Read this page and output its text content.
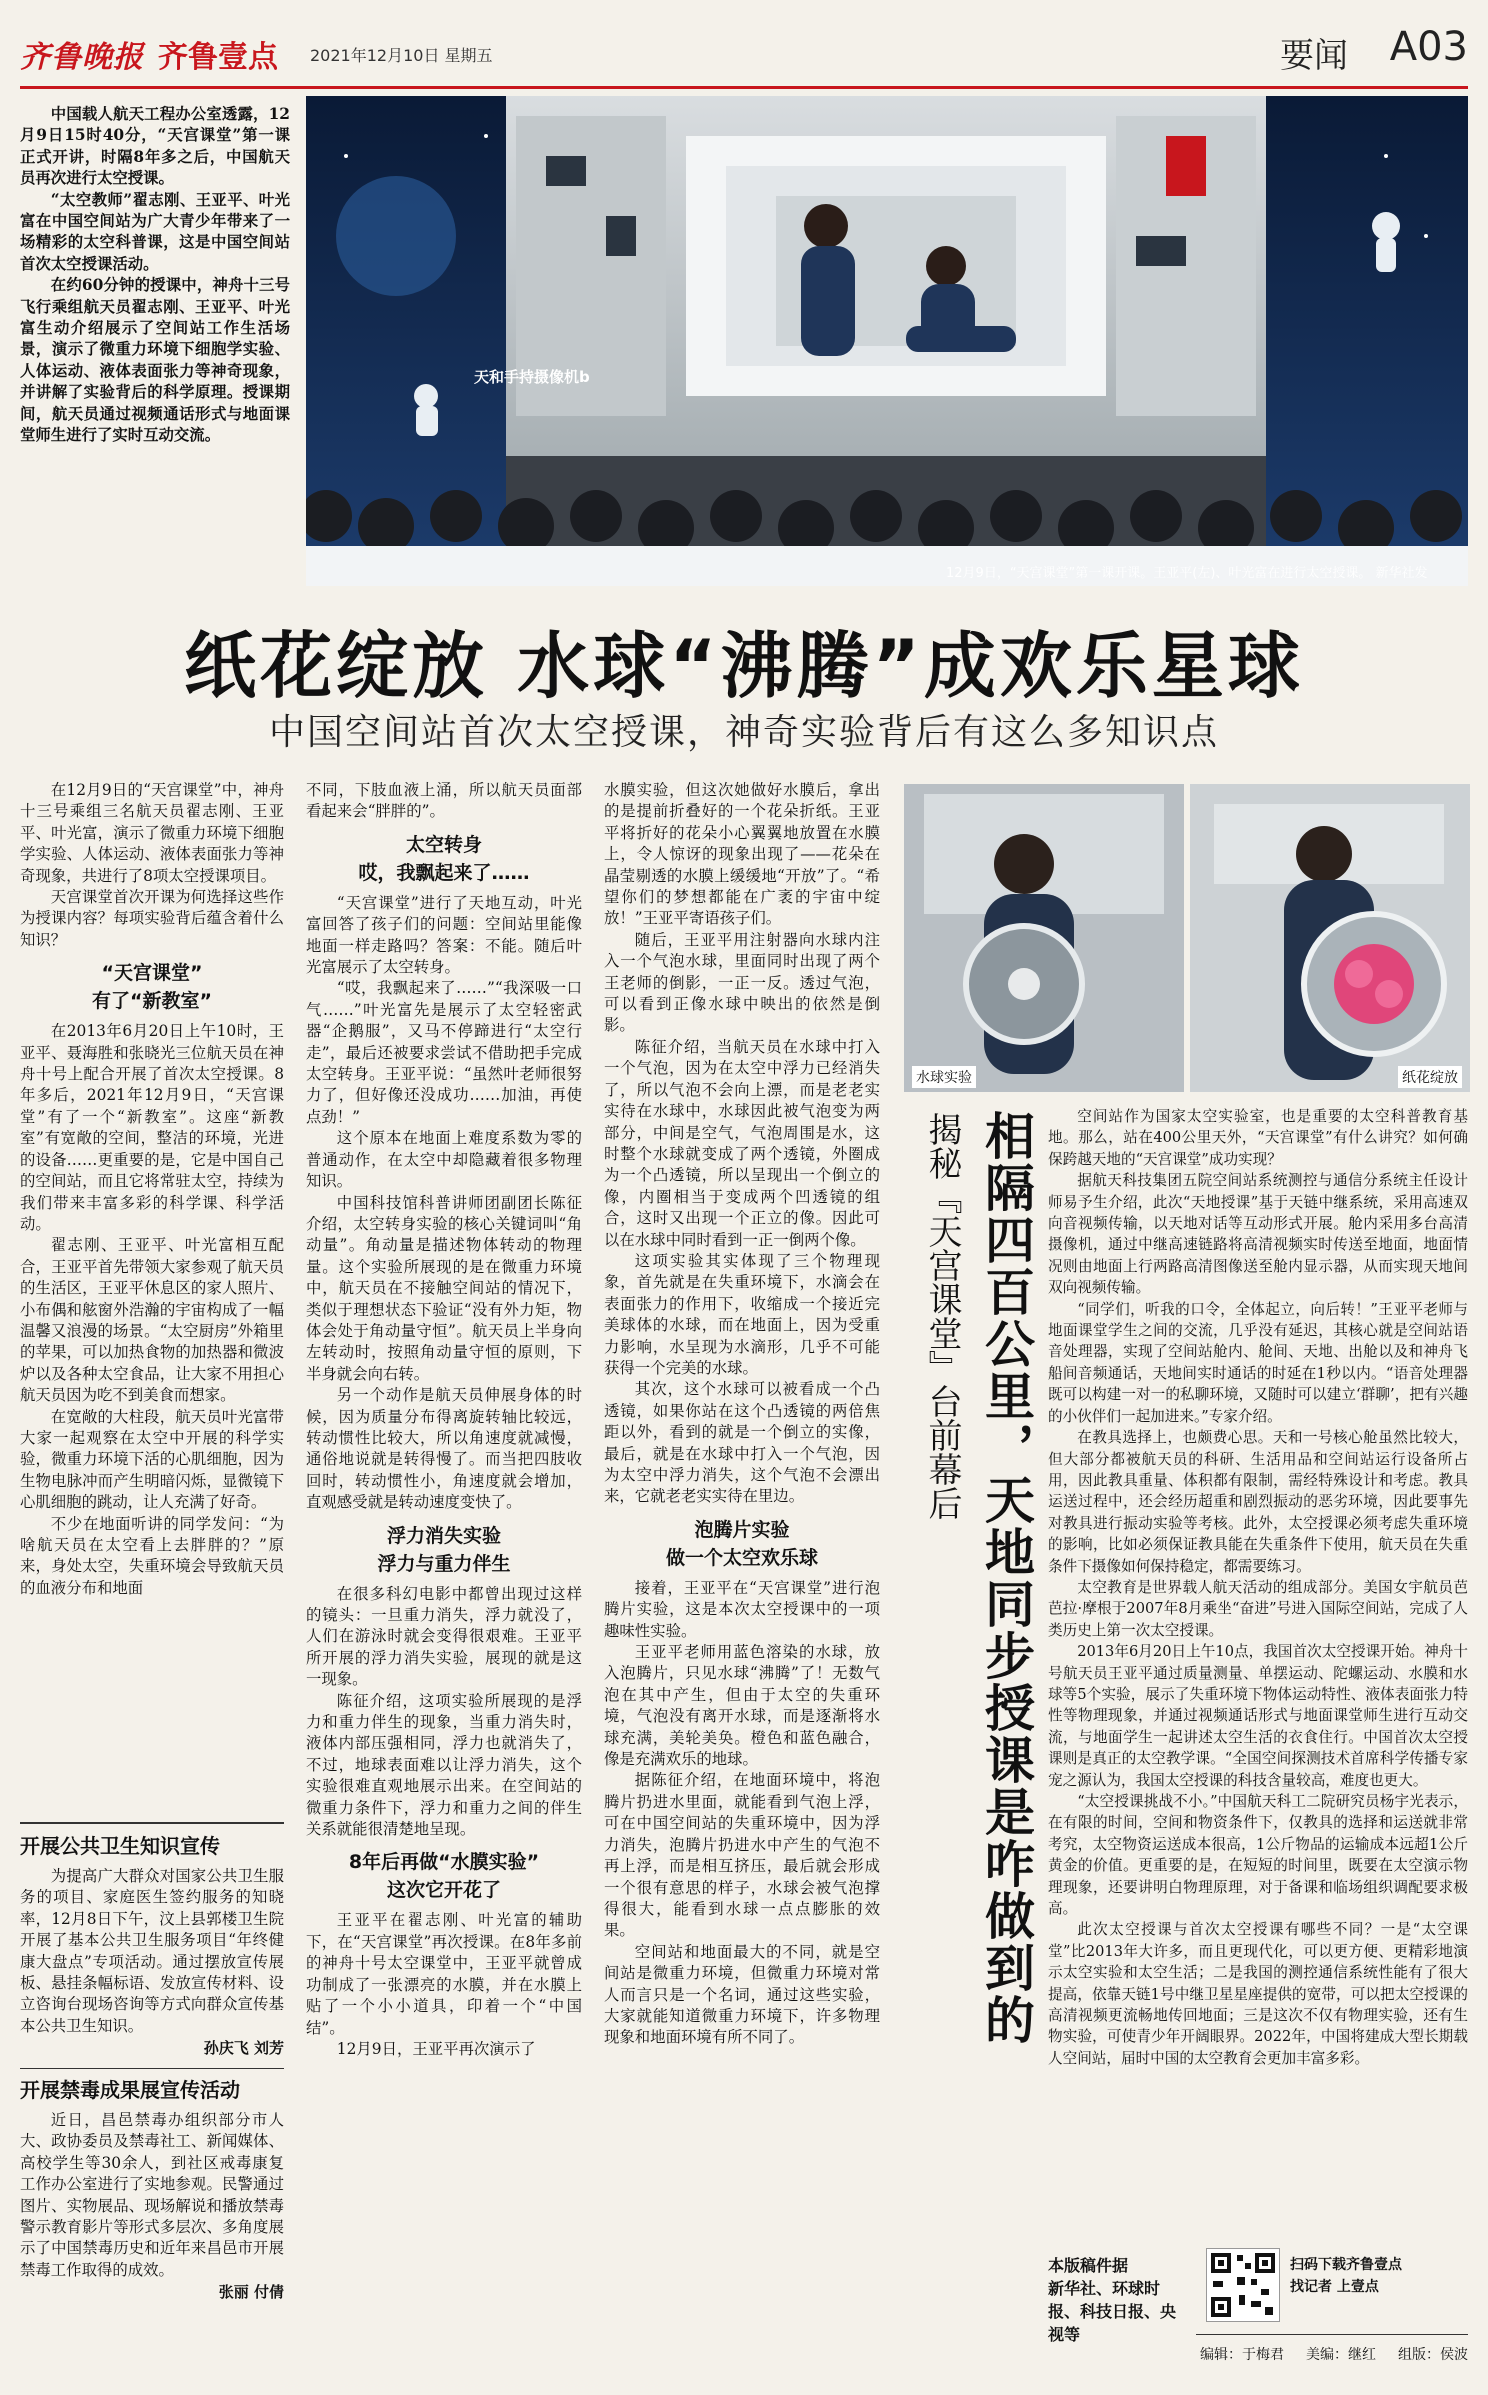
齐鲁晚报 齐鲁壹点 2021年12月10日 星期五	要闻 A03

中国载人航天工程办公室透露，12月9日15时40分，“天宫课堂”第一课正式开讲，时隔8年多之后，中国航天员再次进行太空授课。

“太空教师”翟志刚、王亚平、叶光富在中国空间站为广大青少年带来了一场精彩的太空科普课，这是中国空间站首次太空授课活动。

在约60分钟的授课中，神舟十三号飞行乘组航天员翟志刚、王亚平、叶光富生动介绍展示了空间站工作生活场景，演示了微重力环境下细胞学实验、人体运动、液体表面张力等神奇现象，并讲解了实验背后的科学原理。授课期间，航天员通过视频通话形式与地面课堂师生进行了实时互动交流。

天和手持摄像机b
12月9日，“天宫课堂”第一课开课。王亚平(左)、叶光富在进行太空授课。 新华社发
纸花绽放 水球“沸腾”成欢乐星球
中国空间站首次太空授课，神奇实验背后有这么多知识点

在12月9日的“天宫课堂”中，神舟十三号乘组三名航天员翟志刚、王亚平、叶光富，演示了微重力环境下细胞学实验、人体运动、液体表面张力等神奇现象，共进行了8项太空授课项目。

天宫课堂首次开课为何选择这些作为授课内容？每项实验背后蕴含着什么知识？

“天宫课堂”
有了“新教室”

在2013年6月20日上午10时，王亚平、聂海胜和张晓光三位航天员在神舟十号上配合开展了首次太空授课。8年多后，2021年12月9日，“天宫课堂”有了一个“新教室”。这座“新教室”有宽敞的空间，整洁的环境，光进的设备……更重要的是，它是中国自己的空间站，而且它将常驻太空，持续为我们带来丰富多彩的科学课、科学活动。

翟志刚、王亚平、叶光富相互配合，王亚平首先带领大家参观了航天员的生活区，王亚平休息区的家人照片、小布偶和舷窗外浩瀚的宇宙构成了一幅温馨又浪漫的场景。“太空厨房”外箱里的苹果，可以加热食物的加热器和微波炉以及各种太空食品，让大家不用担心航天员因为吃不到美食而想家。

在宽敞的大柱段，航天员叶光富带大家一起观察在太空中开展的科学实验，微重力环境下活的心肌细胞，因为生物电脉冲而产生明暗闪烁，显微镜下心肌细胞的跳动，让人充满了好奇。

不少在地面听讲的同学发问：“为啥航天员在太空看上去胖胖的？”原来，身处太空，失重环境会导致航天员的血液分布和地面

开展公共卫生知识宣传

为提高广大群众对国家公共卫生服务的项目、家庭医生签约服务的知晓率，12月8日下午，汶上县郭楼卫生院开展了基本公共卫生服务项目“年终健康大盘点”专项活动。通过摆放宣传展板、悬挂条幅标语、发放宣传材料、设立咨询台现场咨询等方式向群众宣传基本公共卫生知识。

孙庆飞 刘芳
开展禁毒成果展宣传活动

近日，昌邑禁毒办组织部分市人大、政协委员及禁毒社工、新闻媒体、高校学生等30余人，到社区戒毒康复工作办公室进行了实地参观。民警通过图片、实物展品、现场解说和播放禁毒警示教育影片等形式多层次、多角度展示了中国禁毒历史和近年来昌邑市开展禁毒工作取得的成效。

张丽 付倩
不同，下肢血液上涌，所以航天员面部看起来会“胖胖的”。
太空转身
哎，我飘起来了……

“天宫课堂”进行了天地互动，叶光富回答了孩子们的问题：空间站里能像地面一样走路吗？答案：不能。随后叶光富展示了太空转身。

“哎，我飘起来了……”“我深吸一口气……”叶光富先是展示了太空轻密武器“企鹅服”，又马不停蹄进行“太空行走”，最后还被要求尝试不借助把手完成太空转身。王亚平说：“虽然叶老师很努力了，但好像还没成功……加油，再使点劲！”

这个原本在地面上难度系数为零的普通动作，在太空中却隐藏着很多物理知识。

中国科技馆科普讲师团副团长陈征介绍，太空转身实验的核心关键词叫“角动量”。角动量是描述物体转动的物理量。这个实验所展现的是在微重力环境中，航天员在不接触空间站的情况下，类似于理想状态下验证“没有外力矩，物体会处于角动量守恒”。航天员上半身向左转动时，按照角动量守恒的原则，下半身就会向右转。

另一个动作是航天员伸展身体的时候，因为质量分布得离旋转轴比较远，转动惯性比较大，所以角速度就减慢，通俗地说就是转得慢了。而当把四肢收回时，转动惯性小，角速度就会增加，直观感受就是转动速度变快了。

浮力消失实验
浮力与重力伴生

在很多科幻电影中都曾出现过这样的镜头：一旦重力消失，浮力就没了，人们在游泳时就会变得很艰难。王亚平所开展的浮力消失实验，展现的就是这一现象。

陈征介绍，这项实验所展现的是浮力和重力伴生的现象，当重力消失时，液体内部压强相同，浮力也就消失了，不过，地球表面难以让浮力消失，这个实验很难直观地展示出来。在空间站的微重力条件下，浮力和重力之间的伴生关系就能很清楚地呈现。

8年后再做“水膜实验”
这次它开花了

王亚平在翟志刚、叶光富的辅助下，在“天宫课堂”再次授课。在8年多前的神舟十号太空课堂中，王亚平就曾成功制成了一张漂亮的水膜，并在水膜上贴了一个小小道具，印着一个“中国结”。

12月9日，王亚平再次演示了

水膜实验，但这次她做好水膜后，拿出的是提前折叠好的一个花朵折纸。王亚平将折好的花朵小心翼翼地放置在水膜上，令人惊讶的现象出现了——花朵在晶莹剔透的水膜上缓缓地“开放”了。“希望你们的梦想都能在广袤的宇宙中绽放！”王亚平寄语孩子们。

随后，王亚平用注射器向水球内注入一个气泡水球，里面同时出现了两个王老师的倒影，一正一反。透过气泡，可以看到正像水球中映出的依然是倒影。

陈征介绍，当航天员在水球中打入一个气泡，因为在太空中浮力已经消失了，所以气泡不会向上漂，而是老老实实待在水球中，水球因此被气泡变为两部分，中间是空气，气泡周围是水，这时整个水球就变成了两个透镜，外圈成为一个凸透镜，所以呈现出一个倒立的像，内圈相当于变成两个凹透镜的组合，这时又出现一个正立的像。因此可以在水球中同时看到一正一倒两个像。

这项实验其实体现了三个物理现象，首先就是在失重环境下，水滴会在表面张力的作用下，收缩成一个接近完美球体的水球，而在地面上，因为受重力影响，水呈现为水滴形，几乎不可能获得一个完美的水球。

其次，这个水球可以被看成一个凸透镜，如果你站在这个凸透镜的两倍焦距以外，看到的就是一个倒立的实像，最后，就是在水球中打入一个气泡，因为太空中浮力消失，这个气泡不会漂出来，它就老老实实待在里边。

泡腾片实验
做一个太空欢乐球

接着，王亚平在“天宫课堂”进行泡腾片实验，这是本次太空授课中的一项趣味性实验。

王亚平老师用蓝色溶染的水球，放入泡腾片，只见水球“沸腾”了！无数气泡在其中产生，但由于太空的失重环境，气泡没有离开水球，而是逐渐将水球充满，美轮美奂。橙色和蓝色融合，像是充满欢乐的地球。

据陈征介绍，在地面环境中，将泡腾片扔进水里面，就能看到气泡上浮，可在中国空间站的失重环境中，因为浮力消失，泡腾片扔进水中产生的气泡不再上浮，而是相互挤压，最后就会形成一个很有意思的样子，水球会被气泡撑得很大，能看到水球一点点膨胀的效果。

空间站和地面最大的不同，就是空间站是微重力环境，但微重力环境对常人而言只是一个名词，通过这些实验，大家就能知道微重力环境下，许多物理现象和地面环境有所不同了。

水球实验	纸花绽放
相隔四百公里，天地同步授课是咋做到的
揭秘『天宫课堂』台前幕后	空间站作为国家太空实验室，也是重要的太空科普教育基地。那么，站在400公里天外，“天宫课堂”有什么讲究？如何确保跨越天地的“天宫课堂”成功实现？

据航天科技集团五院空间站系统测控与通信分系统主任设计师易予生介绍，此次“天地授课”基于天链中继系统，采用高速双向音视频传输，以天地对话等互动形式开展。舱内采用多台高清摄像机，通过中继高速链路将高清视频实时传送至地面，地面情况则由地面上行两路高清图像送至舱内显示器，从而实现天地间双向视频传输。

“同学们，听我的口令，全体起立，向后转！”王亚平老师与地面课堂学生之间的交流，几乎没有延迟，其核心就是空间站语音处理器，实现了空间站舱内、舱间、天地、出舱以及和神舟飞船间音频通话，天地间实时通话的时延在1秒以内。“语音处理器既可以构建一对一的私聊环境，又随时可以建立‘群聊’，把有兴趣的小伙伴们一起加进来。”专家介绍。

在教具选择上，也颇费心思。天和一号核心舱虽然比较大，但大部分都被航天员的科研、生活用品和空间站运行设备所占用，因此教具重量、体积都有限制，需经特殊设计和考虑。教具运送过程中，还会经历超重和剧烈振动的恶劣环境，因此要事先对教具进行振动实验等考核。此外，太空授课必须考虑失重环境的影响，比如必须保证教具能在失重条件下使用，航天员在失重条件下摄像如何保持稳定，都需要练习。

太空教育是世界载人航天活动的组成部分。美国女宇航员芭芭拉·摩根于2007年8月乘坐“奋进”号进入国际空间站，完成了人类历史上第一次太空授课。

2013年6月20日上午10点，我国首次太空授课开始。神舟十号航天员王亚平通过质量测量、单摆运动、陀螺运动、水膜和水球等5个实验，展示了失重环境下物体运动特性、液体表面张力特性等物理现象，并通过视频通话形式与地面课堂师生进行互动交流，与地面学生一起讲述太空生活的衣食住行。中国首次太空授课则是真正的太空教学课。“全国空间探测技术首席科学传播专家宠之源认为，我国太空授课的科技含量较高，难度也更大。

“太空授课挑战不小。”中国航天科工二院研究员杨宇光表示，在有限的时间，空间和物资条件下，仅教具的选择和运送就非常考究，太空物资运送成本很高，1公斤物品的运输成本远超1公斤黄金的价值。更重要的是，在短短的时间里，既要在太空演示物理现象，还要讲明白物理原理，对于备课和临场组织调配要求极高。

此次太空授课与首次太空授课有哪些不同？一是“太空课堂”比2013年大许多，而且更现代化，可以更方便、更精彩地演示太空实验和太空生活；二是我国的测控通信系统性能有了很大提高，依靠天链1号中继卫星星座提供的宽带，可以把太空授课的高清视频更流畅地传回地面；三是这次不仅有物理实验，还有生物实验，可使青少年开阔眼界。2022年，中国将建成大型长期载人空间站，届时中国的太空教育会更加丰富多彩。

本版稿件据
新华社、环球时报、科技日报、央视等
扫码下载齐鲁壹点
找记者 上壹点
编辑：于梅君 美编：继红 组版：侯波
